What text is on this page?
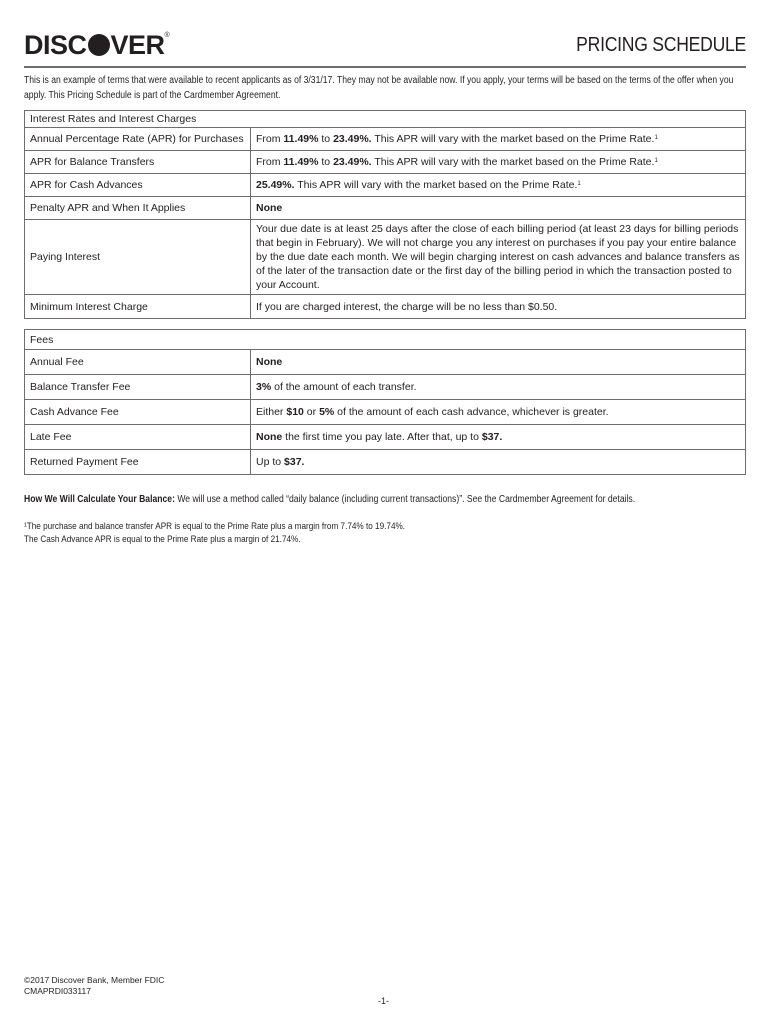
DISC VER®	PRICING SCHEDULE
This is an example of terms that were available to recent applicants as of 3/31/17. They may not be available now. If you apply, your terms will be based on the terms of the offer when you apply. This Pricing Schedule is part of the Cardmember Agreement.
Interest Rates and Interest Charges	
Annual Percentage Rate (APR) for Purchases	From 11.49% to 23.49%. This APR will vary with the market based on the Prime Rate.$^1$
APR for Balance Transfers	From 11.49% to 23.49%. This APR will vary with the market based on the Prime Rate.$^1$
APR for Cash Advances	25.49%. This APR will vary with the market based on the Prime Rate.$^1$
Penalty APR and When It Applies	None
Paying Interest	Your due date is at least 25 days after the close of each billing period (at least 23 days for billing periods that begin in February). We will not charge you any interest on purchases if you pay your entire balance by the due date each month. We will begin charging interest on cash advances and balance transfers as of the later of the transaction date or the first day of the billing period in which the transaction posted to your Account.
Minimum Interest Charge	If you are charged interest, the charge will be no less than $0.50.
Fees	
Annual Fee	None
Balance Transfer Fee	3% of the amount of each transfer.
Cash Advance Fee	Either $10 or 5% of the amount of each cash advance, whichever is greater.
Late Fee	None the first time you pay late. After that, up to $37.
Returned Payment Fee	Up to $37.
How We Will Calculate Your Balance: We will use a method called “daily balance (including current transactions)”. See the Cardmember Agreement for details.
¹The purchase and balance transfer APR is equal to the Prime Rate plus a margin from 7.74% to 19.74%.
The Cash Advance APR is equal to the Prime Rate plus a margin of 21.74%.
©2017 Discover Bank, Member FDIC
CMAPRDI033117
-1-
